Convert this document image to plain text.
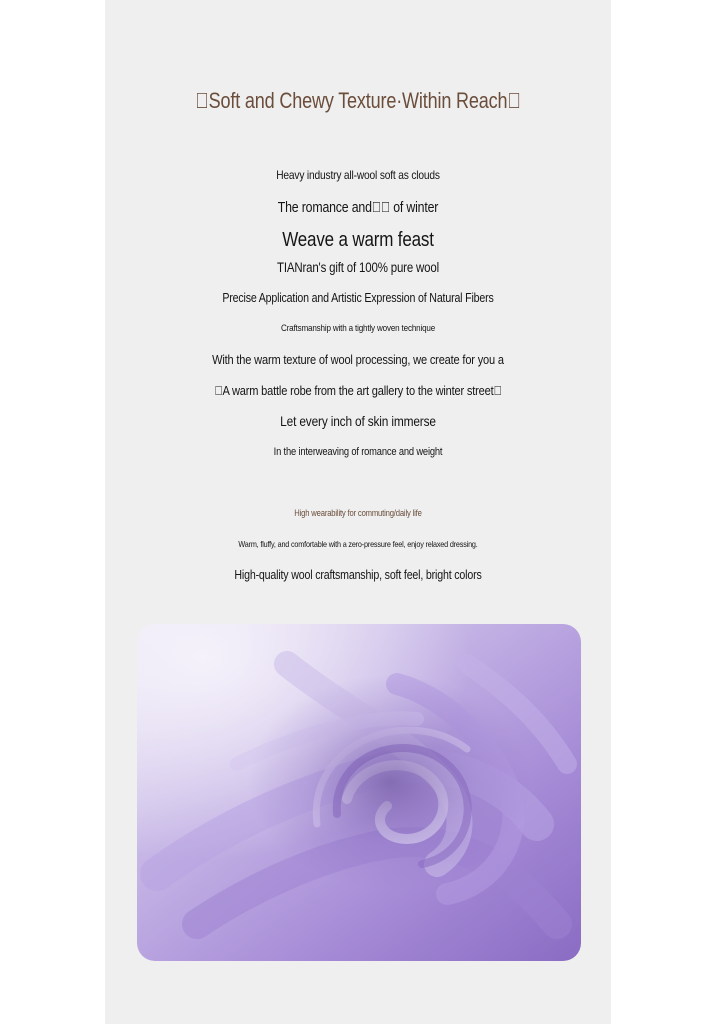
 Soft and Chewy Texture·Within Reach 
Heavy industry all-wool soft as clouds
The romance and   of winter
Weave a warm feast
TIANran's gift of 100% pure wool
Precise Application and Artistic Expression of Natural Fibers
Craftsmanship with a tightly woven technique
With the warm texture of wool processing, we create for you a
 A warm battle robe from the art gallery to the winter street 
Let every inch of skin immerse
In the interweaving of romance and weight
High wearability for commuting/daily life
Warm, fluffy, and comfortable with a zero-pressure feel, enjoy relaxed dressing.
High-quality wool craftsmanship, soft feel, bright colors
